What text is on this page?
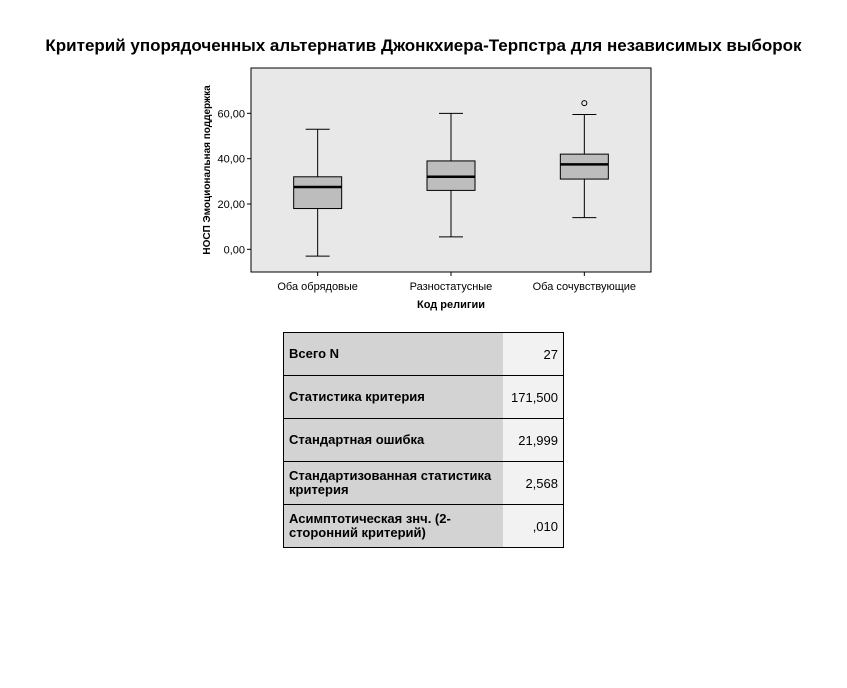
Критерий упорядоченных альтернатив Джонкхиера-Терпстра для независимых выборок
0,00
20,00
40,00
60,00
Оба обрядовые	Разностатусные	Оба сочувствующие
Код религии
НОСП Эмоциональная поддержка
Всего N	27
Статистика критерия	171,500
Стандартная ошибка	21,999
Стандартизованная статистика критерия	2,568
Асимптотическая знч. (2-сторонний критерий)	,010
